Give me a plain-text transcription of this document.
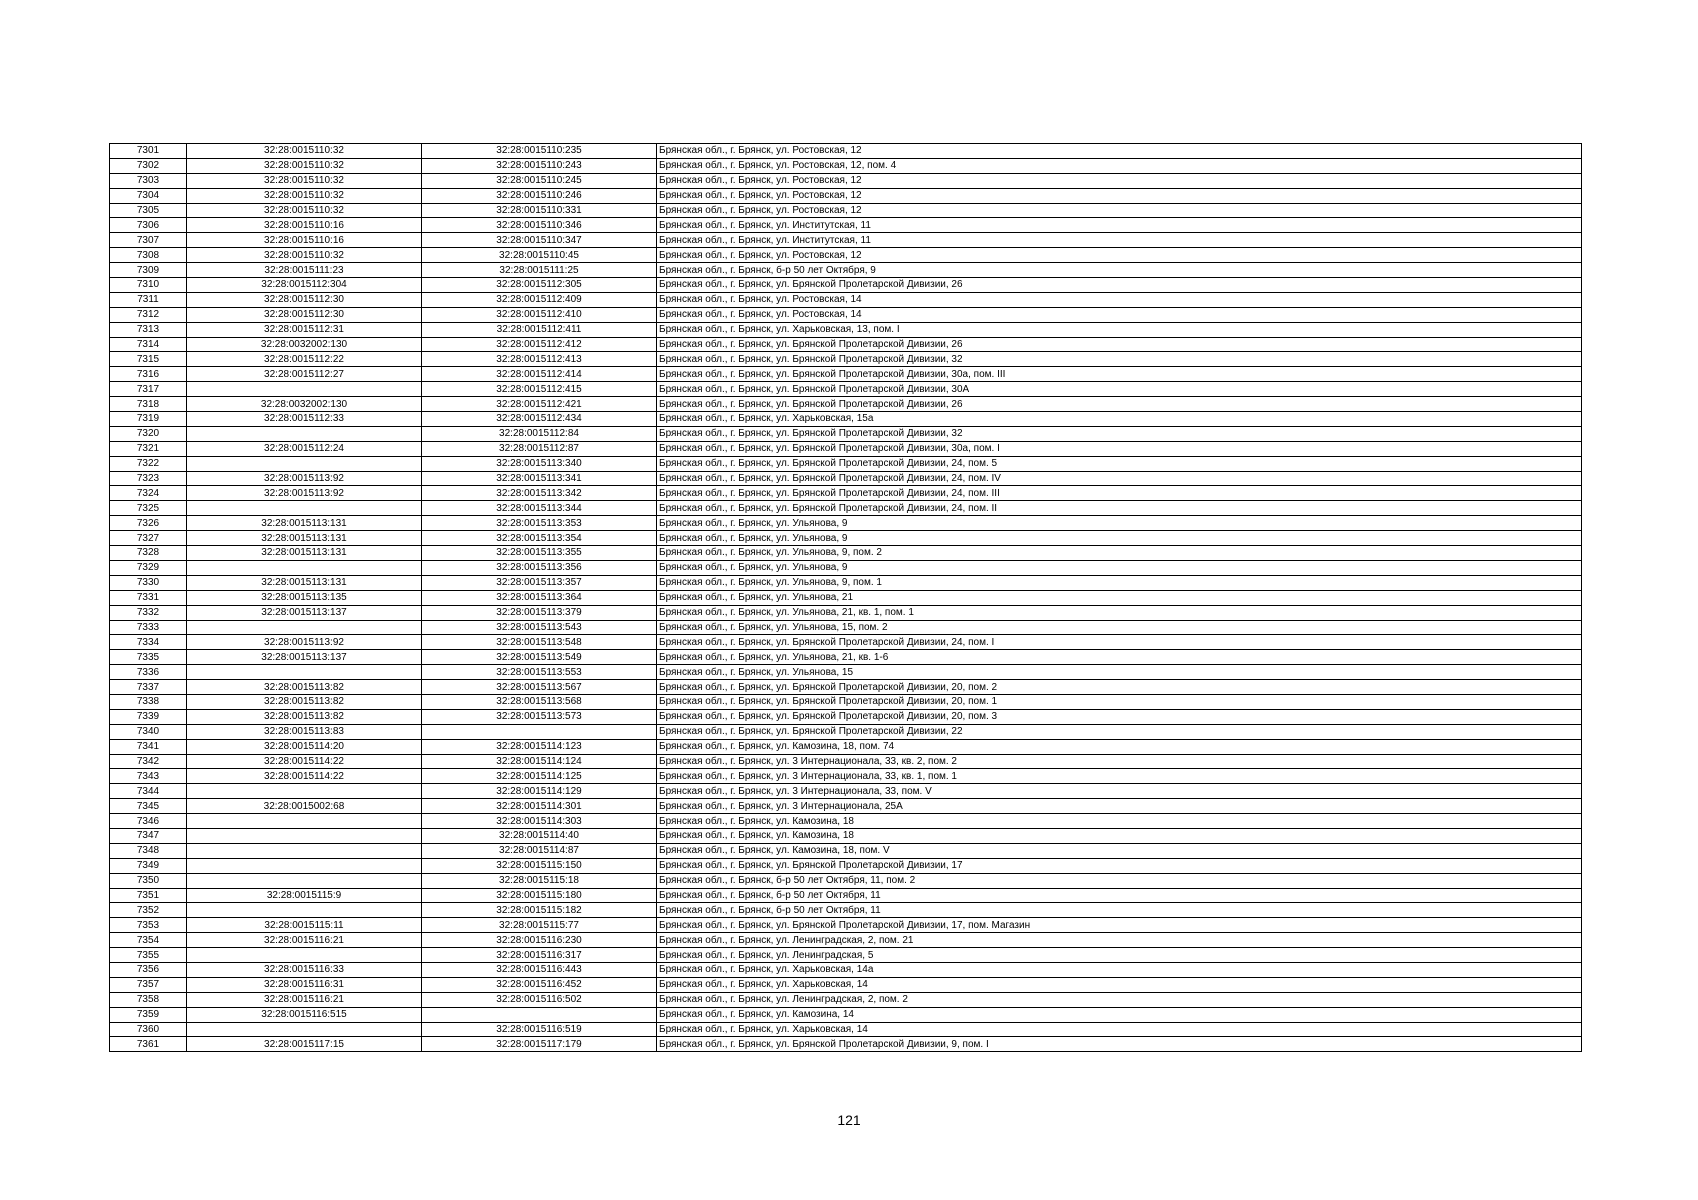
7301	32:28:0015110:32	32:28:0015110:235	Брянская обл., г. Брянск, ул. Ростовская, 12
7302	32:28:0015110:32	32:28:0015110:243	Брянская обл., г. Брянск, ул. Ростовская, 12, пом. 4
7303	32:28:0015110:32	32:28:0015110:245	Брянская обл., г. Брянск, ул. Ростовская, 12
7304	32:28:0015110:32	32:28:0015110:246	Брянская обл., г. Брянск, ул. Ростовская, 12
7305	32:28:0015110:32	32:28:0015110:331	Брянская обл., г. Брянск, ул. Ростовская, 12
7306	32:28:0015110:16	32:28:0015110:346	Брянская обл., г. Брянск, ул. Институтская, 11
7307	32:28:0015110:16	32:28:0015110:347	Брянская обл., г. Брянск, ул. Институтская, 11
7308	32:28:0015110:32	32:28:0015110:45	Брянская обл., г. Брянск, ул. Ростовская, 12
7309	32:28:0015111:23	32:28:0015111:25	Брянская обл., г. Брянск, б-р 50 лет Октября, 9
7310	32:28:0015112:304	32:28:0015112:305	Брянская обл., г. Брянск, ул. Брянской Пролетарской Дивизии, 26
7311	32:28:0015112:30	32:28:0015112:409	Брянская обл., г. Брянск, ул. Ростовская, 14
7312	32:28:0015112:30	32:28:0015112:410	Брянская обл., г. Брянск, ул. Ростовская, 14
7313	32:28:0015112:31	32:28:0015112:411	Брянская обл., г. Брянск, ул. Харьковская, 13, пом. I
7314	32:28:0032002:130	32:28:0015112:412	Брянская обл., г. Брянск, ул. Брянской Пролетарской Дивизии, 26
7315	32:28:0015112:22	32:28:0015112:413	Брянская обл., г. Брянск, ул. Брянской Пролетарской Дивизии, 32
7316	32:28:0015112:27	32:28:0015112:414	Брянская обл., г. Брянск, ул. Брянской Пролетарской Дивизии, 30а, пом. III
7317		32:28:0015112:415	Брянская обл., г. Брянск, ул. Брянской Пролетарской Дивизии, 30А
7318	32:28:0032002:130	32:28:0015112:421	Брянская обл., г. Брянск, ул. Брянской Пролетарской Дивизии, 26
7319	32:28:0015112:33	32:28:0015112:434	Брянская обл., г. Брянск, ул. Харьковская, 15а
7320		32:28:0015112:84	Брянская обл., г. Брянск, ул. Брянской Пролетарской Дивизии, 32
7321	32:28:0015112:24	32:28:0015112:87	Брянская обл., г. Брянск, ул. Брянской Пролетарской Дивизии, 30а, пом. I
7322		32:28:0015113:340	Брянская обл., г. Брянск, ул. Брянской Пролетарской Дивизии, 24, пом. 5
7323	32:28:0015113:92	32:28:0015113:341	Брянская обл., г. Брянск, ул. Брянской Пролетарской Дивизии, 24, пом. IV
7324	32:28:0015113:92	32:28:0015113:342	Брянская обл., г. Брянск, ул. Брянской Пролетарской Дивизии, 24, пом. III
7325		32:28:0015113:344	Брянская обл., г. Брянск, ул. Брянской Пролетарской Дивизии, 24, пом. II
7326	32:28:0015113:131	32:28:0015113:353	Брянская обл., г. Брянск, ул. Ульянова, 9
7327	32:28:0015113:131	32:28:0015113:354	Брянская обл., г. Брянск, ул. Ульянова, 9
7328	32:28:0015113:131	32:28:0015113:355	Брянская обл., г. Брянск, ул. Ульянова, 9, пом. 2
7329		32:28:0015113:356	Брянская обл., г. Брянск, ул. Ульянова, 9
7330	32:28:0015113:131	32:28:0015113:357	Брянская обл., г. Брянск, ул. Ульянова, 9, пом. 1
7331	32:28:0015113:135	32:28:0015113:364	Брянская обл., г. Брянск, ул. Ульянова, 21
7332	32:28:0015113:137	32:28:0015113:379	Брянская обл., г. Брянск, ул. Ульянова, 21, кв. 1, пом. 1
7333		32:28:0015113:543	Брянская обл., г. Брянск, ул. Ульянова, 15, пом. 2
7334	32:28:0015113:92	32:28:0015113:548	Брянская обл., г. Брянск, ул. Брянской Пролетарской Дивизии, 24, пом. I
7335	32:28:0015113:137	32:28:0015113:549	Брянская обл., г. Брянск, ул. Ульянова, 21, кв. 1-6
7336		32:28:0015113:553	Брянская обл., г. Брянск, ул. Ульянова, 15
7337	32:28:0015113:82	32:28:0015113:567	Брянская обл., г. Брянск, ул. Брянской Пролетарской Дивизии, 20, пом. 2
7338	32:28:0015113:82	32:28:0015113:568	Брянская обл., г. Брянск, ул. Брянской Пролетарской Дивизии, 20, пом. 1
7339	32:28:0015113:82	32:28:0015113:573	Брянская обл., г. Брянск, ул. Брянской Пролетарской Дивизии, 20, пом. 3
7340	32:28:0015113:83		Брянская обл., г. Брянск, ул. Брянской Пролетарской Дивизии, 22
7341	32:28:0015114:20	32:28:0015114:123	Брянская обл., г. Брянск, ул. Камозина, 18, пом. 74
7342	32:28:0015114:22	32:28:0015114:124	Брянская обл., г. Брянск, ул. 3 Интернационала, 33, кв. 2, пом. 2
7343	32:28:0015114:22	32:28:0015114:125	Брянская обл., г. Брянск, ул. 3 Интернационала, 33, кв. 1, пом. 1
7344		32:28:0015114:129	Брянская обл., г. Брянск, ул. 3 Интернационала, 33, пом. V
7345	32:28:0015002:68	32:28:0015114:301	Брянская обл., г. Брянск, ул. 3 Интернационала, 25А
7346		32:28:0015114:303	Брянская обл., г. Брянск, ул. Камозина, 18
7347		32:28:0015114:40	Брянская обл., г. Брянск, ул. Камозина, 18
7348		32:28:0015114:87	Брянская обл., г. Брянск, ул. Камозина, 18, пом. V
7349		32:28:0015115:150	Брянская обл., г. Брянск, ул. Брянской Пролетарской Дивизии, 17
7350		32:28:0015115:18	Брянская обл., г. Брянск, б-р 50 лет Октября, 11, пом. 2
7351	32:28:0015115:9	32:28:0015115:180	Брянская обл., г. Брянск, б-р 50 лет Октября, 11
7352		32:28:0015115:182	Брянская обл., г. Брянск, б-р 50 лет Октября, 11
7353	32:28:0015115:11	32:28:0015115:77	Брянская обл., г. Брянск, ул. Брянской Пролетарской Дивизии, 17, пом. Магазин
7354	32:28:0015116:21	32:28:0015116:230	Брянская обл., г. Брянск, ул. Ленинградская, 2, пом. 21
7355		32:28:0015116:317	Брянская обл., г. Брянск, ул. Ленинградская, 5
7356	32:28:0015116:33	32:28:0015116:443	Брянская обл., г. Брянск, ул. Харьковская, 14а
7357	32:28:0015116:31	32:28:0015116:452	Брянская обл., г. Брянск, ул. Харьковская, 14
7358	32:28:0015116:21	32:28:0015116:502	Брянская обл., г. Брянск, ул. Ленинградская, 2, пом. 2
7359	32:28:0015116:515		Брянская обл., г. Брянск, ул. Камозина, 14
7360		32:28:0015116:519	Брянская обл., г. Брянск, ул. Харьковская, 14
7361	32:28:0015117:15	32:28:0015117:179	Брянская обл., г. Брянск, ул. Брянской Пролетарской Дивизии, 9, пом. I
121
